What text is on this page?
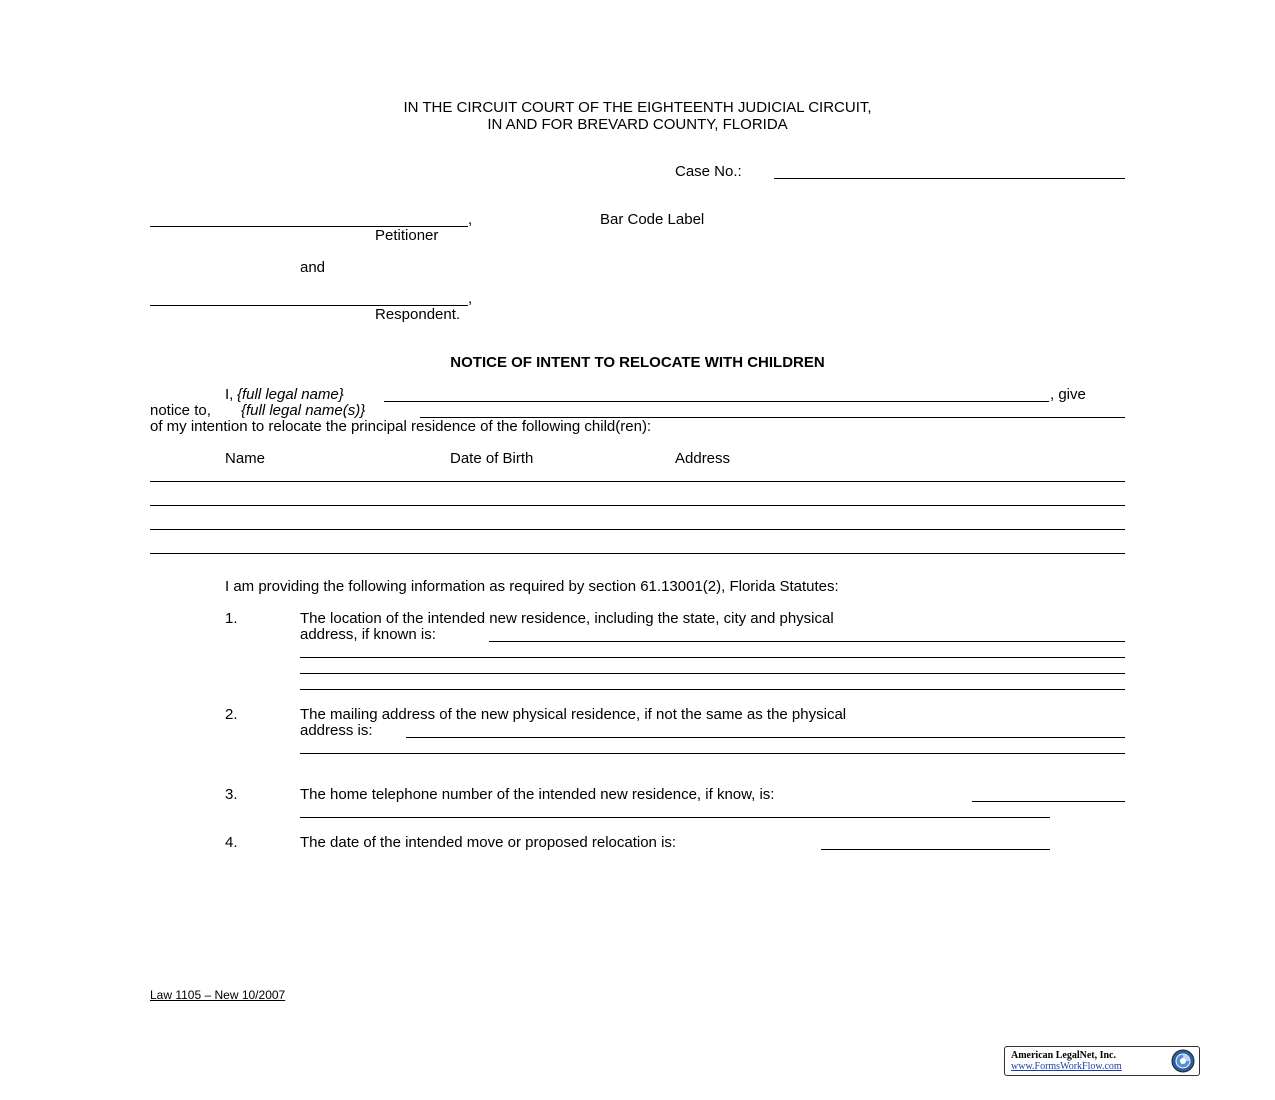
IN THE CIRCUIT COURT OF THE EIGHTEENTH JUDICIAL CIRCUIT,
IN AND FOR BREVARD COUNTY, FLORIDA
Case No.:
,
Petitioner
Bar Code Label
and
,
Respondent.
NOTICE OF INTENT TO RELOCATE WITH CHILDREN
I, {full legal name}	, give
notice to, {full legal name(s)}
of my intention to relocate the principal residence of the following child(ren):
Name	Date of Birth	Address
I am providing the following information as required by section 61.13001(2), Florida Statutes:
1.	The location of the intended new residence, including the state, city and physical
address, if known is:
2.	The mailing address of the new physical residence, if not the same as the physical
address is:
3.	The home telephone number of the intended new residence, if know, is:
4.	The date of the intended move or proposed relocation is:
Law 1105 – New 10/2007
American LegalNet, Inc.
www.FormsWorkFlow.com
